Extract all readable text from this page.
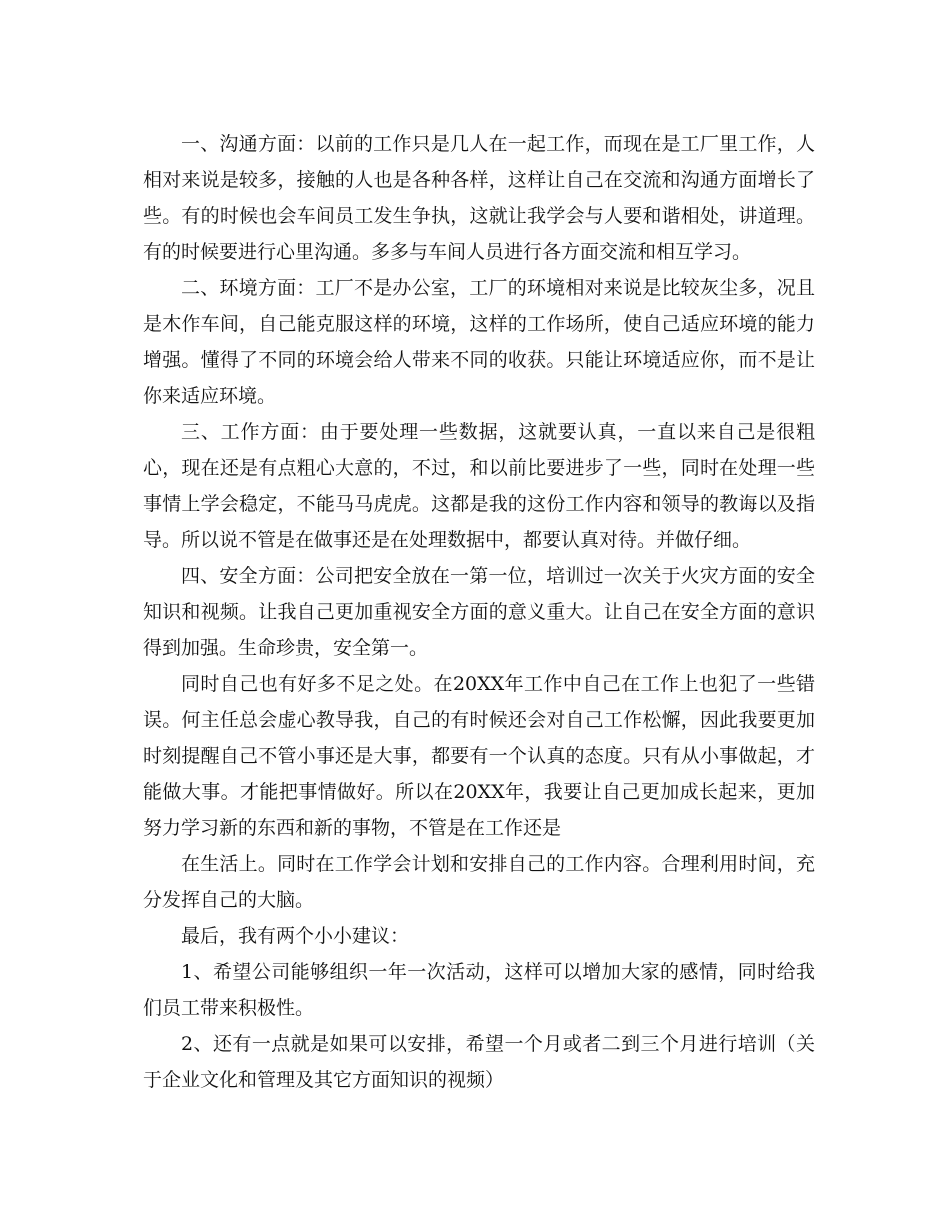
一、沟通方面：以前的工作只是几人在一起工作，而现在是工厂里工作，人相对来说是较多，接触的人也是各种各样，这样让自己在交流和沟通方面增长了些。有的时候也会车间员工发生争执，这就让我学会与人要和谐相处，讲道理。有的时候要进行心里沟通。多多与车间人员进行各方面交流和相互学习。

二、环境方面：工厂不是办公室，工厂的环境相对来说是比较灰尘多，况且是木作车间，自己能克服这样的环境，这样的工作场所，使自己适应环境的能力增强。懂得了不同的环境会给人带来不同的收获。只能让环境适应你，而不是让你来适应环境。

三、工作方面：由于要处理一些数据，这就要认真，一直以来自己是很粗心，现在还是有点粗心大意的，不过，和以前比要进步了一些，同时在处理一些事情上学会稳定，不能马马虎虎。这都是我的这份工作内容和领导的教诲以及指导。所以说不管是在做事还是在处理数据中，都要认真对待。并做仔细。

四、安全方面：公司把安全放在一第一位，培训过一次关于火灾方面的安全知识和视频。让我自己更加重视安全方面的意义重大。让自己在安全方面的意识得到加强。生命珍贵，安全第一。

同时自己也有好多不足之处。在20XX年工作中自己在工作上也犯了一些错误。何主任总会虚心教导我，自己的有时候还会对自己工作松懈，因此我要更加时刻提醒自己不管小事还是大事，都要有一个认真的态度。只有从小事做起，才能做大事。才能把事情做好。所以在20XX年，我要让自己更加成长起来，更加努力学习新的东西和新的事物，不管是在工作还是

在生活上。同时在工作学会计划和安排自己的工作内容。合理利用时间，充分发挥自己的大脑。

最后，我有两个小小建议：

1、希望公司能够组织一年一次活动，这样可以增加大家的感情，同时给我们员工带来积极性。

2、还有一点就是如果可以安排，希望一个月或者二到三个月进行培训（关于企业文化和管理及其它方面知识的视频）
